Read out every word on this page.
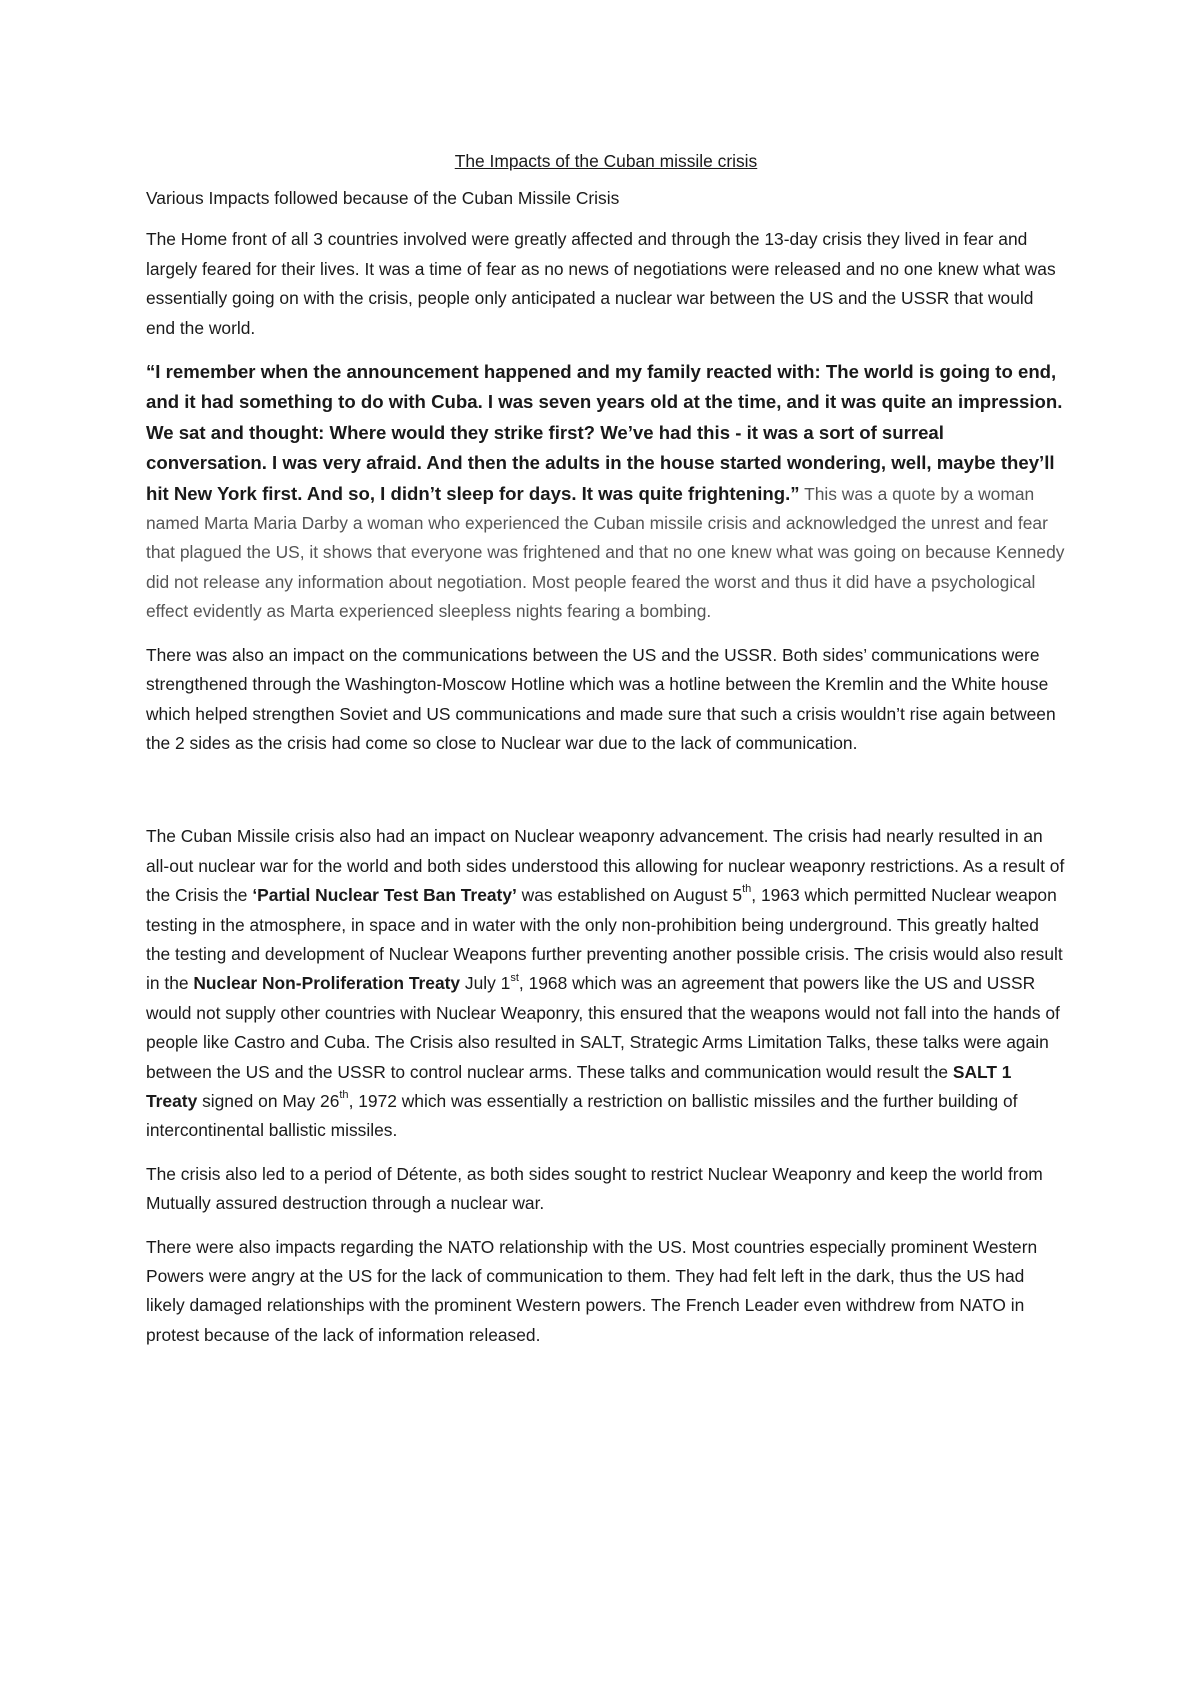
The Impacts of the Cuban missile crisis

Various Impacts followed because of the Cuban Missile Crisis

The Home front of all 3 countries involved were greatly affected and through the 13-day crisis they lived in fear and largely feared for their lives. It was a time of fear as no news of negotiations were released and no one knew what was essentially going on with the crisis, people only anticipated a nuclear war between the US and the USSR that would end the world.

“I remember when the announcement happened and my family reacted with: The world is going to end, and it had something to do with Cuba. I was seven years old at the time, and it was quite an impression. We sat and thought: Where would they strike first? We’ve had this - it was a sort of surreal conversation. I was very afraid. And then the adults in the house started wondering, well, maybe they’ll hit New York first. And so, I didn’t sleep for days. It was quite frightening.” This was a quote by a woman named Marta Maria Darby a woman who experienced the Cuban missile crisis and acknowledged the unrest and fear that plagued the US, it shows that everyone was frightened and that no one knew what was going on because Kennedy did not release any information about negotiation. Most people feared the worst and thus it did have a psychological effect evidently as Marta experienced sleepless nights fearing a bombing.

There was also an impact on the communications between the US and the USSR. Both sides’ communications were strengthened through the Washington-Moscow Hotline which was a hotline between the Kremlin and the White house which helped strengthen Soviet and US communications and made sure that such a crisis wouldn’t rise again between the 2 sides as the crisis had come so close to Nuclear war due to the lack of communication.

The Cuban Missile crisis also had an impact on Nuclear weaponry advancement. The crisis had nearly resulted in an all-out nuclear war for the world and both sides understood this allowing for nuclear weaponry restrictions. As a result of the Crisis the ‘Partial Nuclear Test Ban Treaty’ was established on August 5th, 1963 which permitted Nuclear weapon testing in the atmosphere, in space and in water with the only non-prohibition being underground. This greatly halted the testing and development of Nuclear Weapons further preventing another possible crisis. The crisis would also result in the Nuclear Non-Proliferation Treaty July 1st, 1968 which was an agreement that powers like the US and USSR would not supply other countries with Nuclear Weaponry, this ensured that the weapons would not fall into the hands of people like Castro and Cuba. The Crisis also resulted in SALT, Strategic Arms Limitation Talks, these talks were again between the US and the USSR to control nuclear arms. These talks and communication would result the SALT 1 Treaty signed on May 26th, 1972 which was essentially a restriction on ballistic missiles and the further building of intercontinental ballistic missiles.

The crisis also led to a period of Détente, as both sides sought to restrict Nuclear Weaponry and keep the world from Mutually assured destruction through a nuclear war.

There were also impacts regarding the NATO relationship with the US. Most countries especially prominent Western Powers were angry at the US for the lack of communication to them. They had felt left in the dark, thus the US had likely damaged relationships with the prominent Western powers. The French Leader even withdrew from NATO in protest because of the lack of information released.
